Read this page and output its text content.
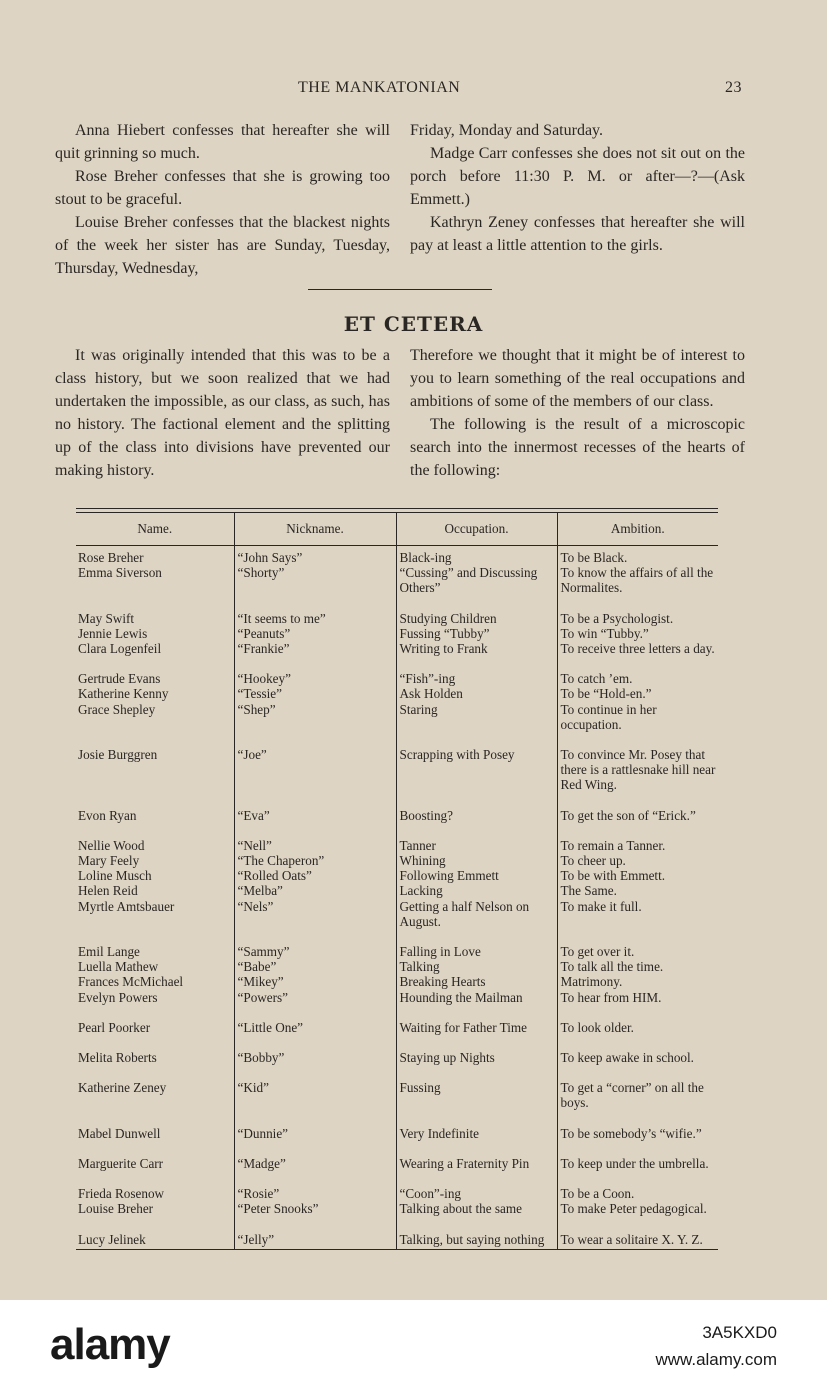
THE MANKATONIAN	23

Anna Hiebert confesses that hereafter she will quit grinning so much.

Rose Breher confesses that she is growing too stout to be graceful.

Louise Breher confesses that the blackest nights of the week her sister has are Sunday, Tuesday, Thursday, Wednesday,

Friday, Monday and Saturday.

Madge Carr confesses she does not sit out on the porch before 11:30 P. M. or after—?—(Ask Emmett.)

Kathryn Zeney confesses that hereafter she will pay at least a little attention to the girls.

ET CETERA

It was originally intended that this was to be a class history, but we soon realized that we had undertaken the impossible, as our class, as such, has no history. The factional element and the splitting up of the class into divisions have prevented our making history.

Therefore we thought that it might be of interest to you to learn something of the real occupations and ambitions of some of the members of our class.

The following is the result of a microscopic search into the innermost recesses of the hearts of the following:

Name.	Nickname.	Occupation.	Ambition.
Rose Breher	“John Says”	Black-ing	To be Black.
Emma Siverson	“Shorty”	“Cussing” and Discussing Others”	To know the affairs of all the Normalites.
May Swift	“It seems to me”	Studying Children	To be a Psychologist.
Jennie Lewis	“Peanuts”	Fussing “Tubby”	To win “Tubby.”
Clara Logenfeil	“Frankie”	Writing to Frank	To receive three letters a day.
Gertrude Evans	“Hookey”	“Fish”-ing	To catch ’em.
Katherine Kenny	“Tessie”	Ask Holden	To be “Hold-en.”
Grace Shepley	“Shep”	Staring	To continue in her occupation.
Josie Burggren	“Joe”	Scrapping with Posey	To convince Mr. Posey that there is a rattlesnake hill near Red Wing.
Evon Ryan	“Eva”	Boosting?	To get the son of “Erick.”
Nellie Wood	“Nell”	Tanner	To remain a Tanner.
Mary Feely	“The Chaperon”	Whining	To cheer up.
Loline Musch	“Rolled Oats”	Following Emmett	To be with Emmett.
Helen Reid	“Melba”	Lacking	The Same.
Myrtle Amtsbauer	“Nels”	Getting a half Nelson on August.	To make it full.
Emil Lange	“Sammy”	Falling in Love	To get over it.
Luella Mathew	“Babe”	Talking	To talk all the time.
Frances McMichael	“Mikey”	Breaking Hearts	Matrimony.
Evelyn Powers	“Powers”	Hounding the Mailman	To hear from HIM.
Pearl Poorker	“Little One”	Waiting for Father Time	To look older.
Melita Roberts	“Bobby”	Staying up Nights	To keep awake in school.
Katherine Zeney	“Kid”	Fussing	To get a “corner” on all the boys.
Mabel Dunwell	“Dunnie”	Very Indefinite	To be somebody’s “wifie.”
Marguerite Carr	“Madge”	Wearing a Fraternity Pin	To keep under the umbrella.
Frieda Rosenow	“Rosie”	“Coon”-ing	To be a Coon.
Louise Breher	“Peter Snooks”	Talking about the same	To make Peter pedagogical.
Lucy Jelinek	“Jelly”	Talking, but saying nothing	To wear a solitaire X. Y. Z.
alamy	3A5KXD0
www.alamy.com
